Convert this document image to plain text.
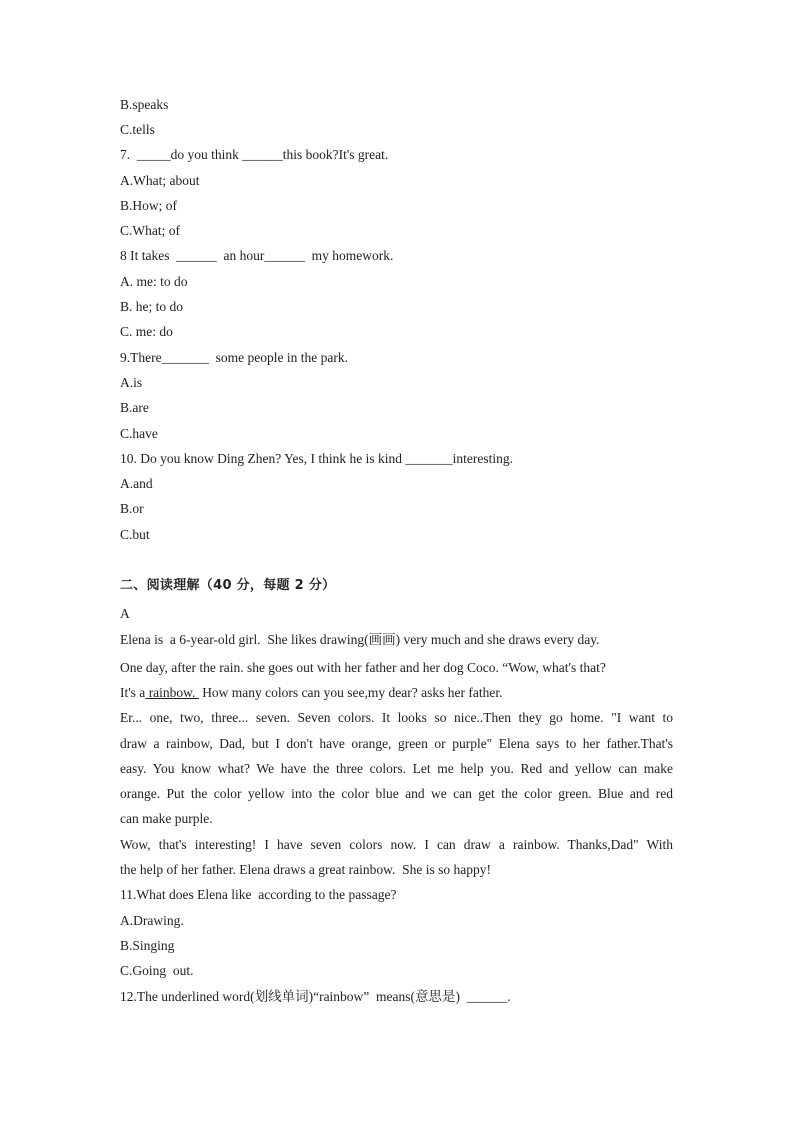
B.speaks
C.tells
7.  _____do you think ______this book?It's great.
A.What; about
B.How; of
C.What; of
8 It takes  ______  an hour______  my homework.
A. me: to do
B. he; to do
C. me: do
9.There_______  some people in the park.
A.is
B.are
C.have
10. Do you know Ding Zhen? Yes, I think he is kind _______interesting.
A.and
B.or
C.but
二、阅读理解（40 分，每题 2 分）
A
Elena is  a 6-year-old girl.  She likes drawing(画画) very much and she draws every day.
One day, after the rain. she goes out with her father and her dog Coco. “Wow, what's that?
It's a rainbow.  How many colors can you see,my dear? asks her father.
Er... one, two, three... seven. Seven colors. It looks so nice..Then they go home. "I want to
draw a rainbow, Dad, but I don't have orange, green or purple" Elena says to her father.That's
easy. You know what? We have the three colors. Let me help you. Red and yellow can make
orange. Put the color yellow into the color blue and we can get the color green. Blue and red
can make purple.
Wow, that's interesting! I have seven colors now. I can draw a rainbow. Thanks,Dad" With
the help of her father. Elena draws a great rainbow.  She is so happy!
11.What does Elena like  according to the passage?
A.Drawing.
B.Singing
C.Going  out.
12.The underlined word(划线单词)“rainbow”  means(意思是)  ______.
